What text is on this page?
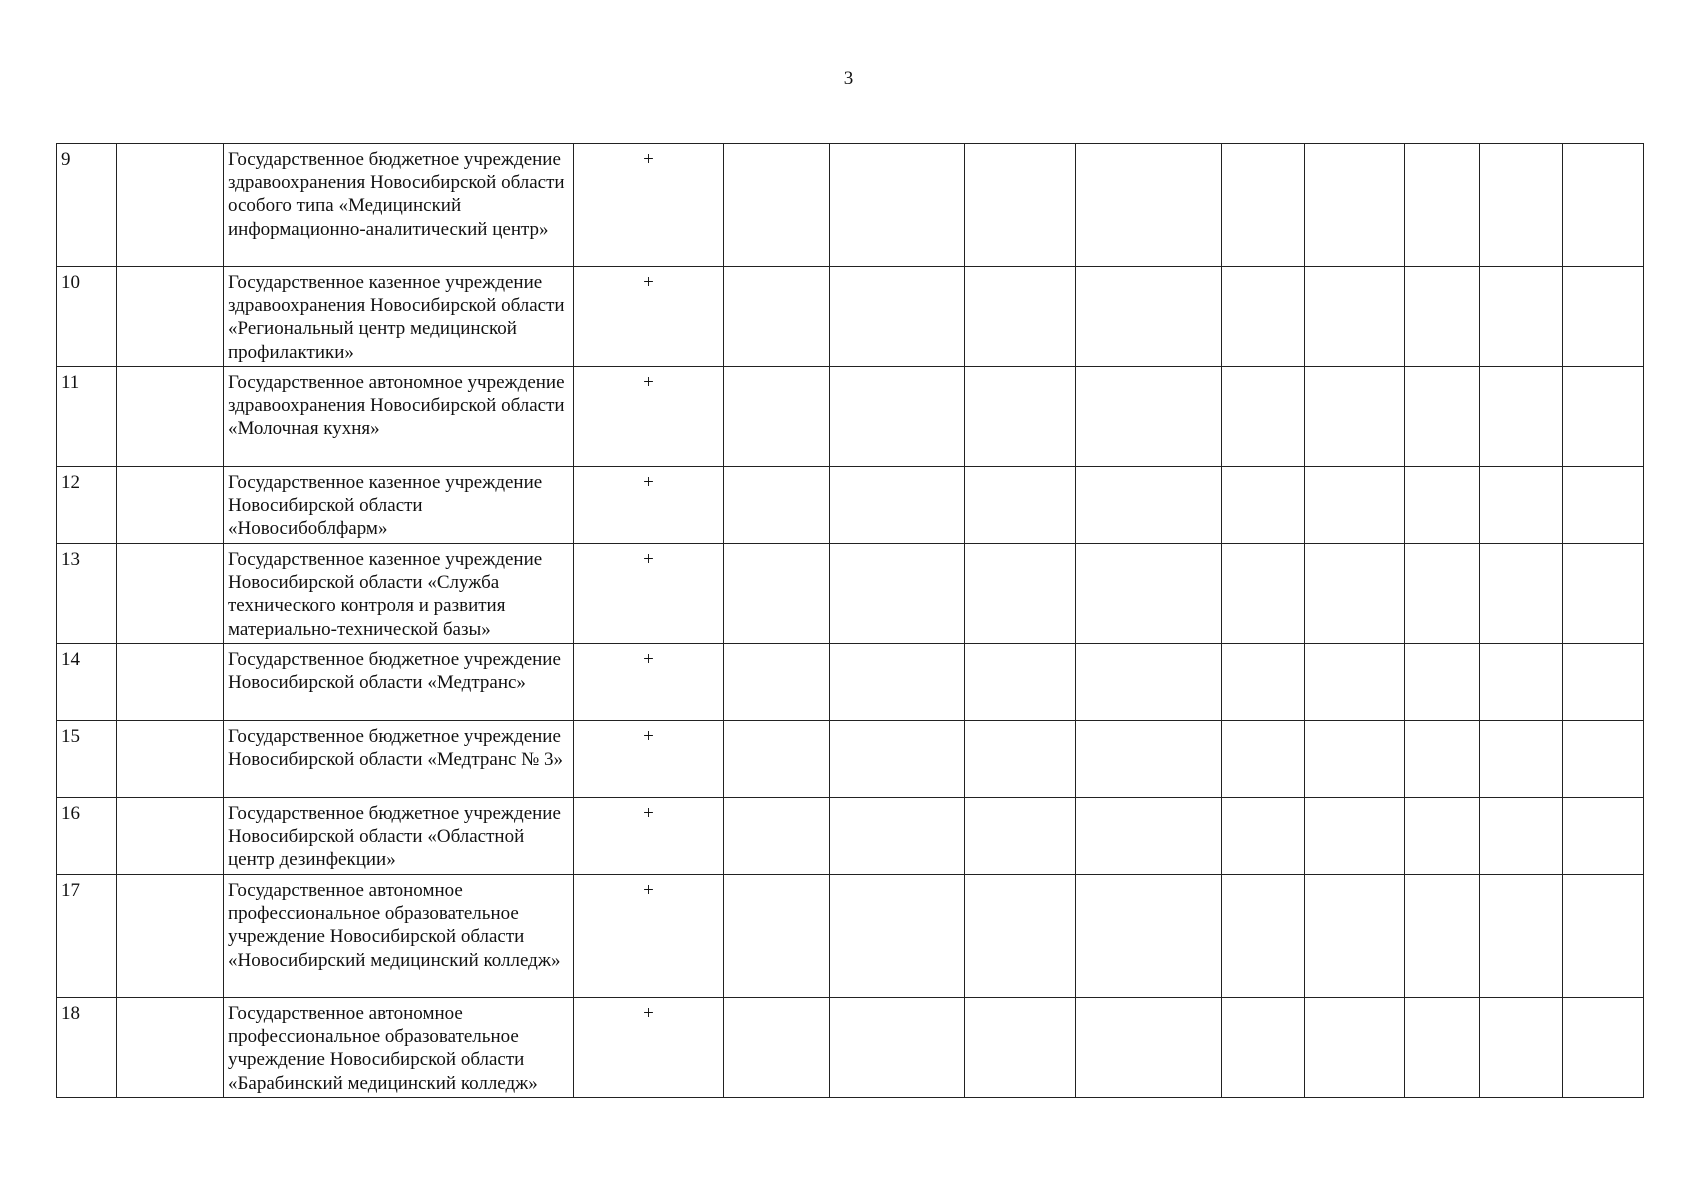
3
9		Государственное бюджетное учреждение здравоохранения Новосибирской области особого типа «Медицинский информационно-аналитический центр»	+									
10		Государственное казенное учреждение здравоохранения Новосибирской области «Региональный центр медицинской профилактики»	+									
11		Государственное автономное учреждение здравоохранения Новосибирской области «Молочная кухня»	+									
12		Государственное казенное учреждение Новосибирской области «Новосибоблфарм»	+									
13		Государственное казенное учреждение Новосибирской области «Служба технического контроля и развития материально-технической базы»	+									
14		Государственное бюджетное учреждение Новосибирской области «Медтранс»	+									
15		Государственное бюджетное учреждение Новосибирской области «Медтранс № 3»	+									
16		Государственное бюджетное учреждение Новосибирской области «Областной центр дезинфекции»	+									
17		Государственное автономное профессиональное образовательное учреждение Новосибирской области «Новосибирский медицинский колледж»	+									
18		Государственное автономное профессиональное образовательное учреждение Новосибирской области «Барабинский медицинский колледж»	+									
